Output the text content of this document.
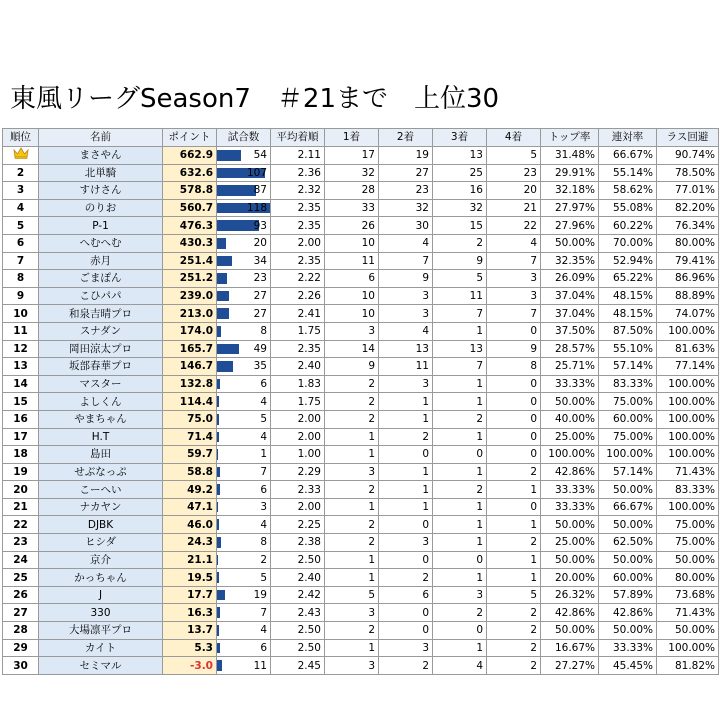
東風リーグSeason7　＃21まで　上位30
順位	名前	ポイント	試合数	平均着順	1着	2着	3着	4着	トップ率	連対率	ラス回避
	まさやん	662.9	54	2.11	17	19	13	5	31.48%	66.67%	90.74%
2	北単騎	632.6	107	2.36	32	27	25	23	29.91%	55.14%	78.50%
3	すけさん	578.8	87	2.32	28	23	16	20	32.18%	58.62%	77.01%
4	のりお	560.7	118	2.35	33	32	32	21	27.97%	55.08%	82.20%
5	P-1	476.3	93	2.35	26	30	15	22	27.96%	60.22%	76.34%
6	へむへむ	430.3	20	2.00	10	4	2	4	50.00%	70.00%	80.00%
7	赤月	251.4	34	2.35	11	7	9	7	32.35%	52.94%	79.41%
8	ごまぽん	251.2	23	2.22	6	9	5	3	26.09%	65.22%	86.96%
9	こひパパ	239.0	27	2.26	10	3	11	3	37.04%	48.15%	88.89%
10	和泉吉晴プロ	213.0	27	2.41	10	3	7	7	37.04%	48.15%	74.07%
11	スナダン	174.0	8	1.75	3	4	1	0	37.50%	87.50%	100.00%
12	岡田涼太プロ	165.7	49	2.35	14	13	13	9	28.57%	55.10%	81.63%
13	坂部春華プロ	146.7	35	2.40	9	11	7	8	25.71%	57.14%	77.14%
14	マスター	132.8	6	1.83	2	3	1	0	33.33%	83.33%	100.00%
15	よしくん	114.4	4	1.75	2	1	1	0	50.00%	75.00%	100.00%
16	やまちゃん	75.0	5	2.00	2	1	2	0	40.00%	60.00%	100.00%
17	H.T	71.4	4	2.00	1	2	1	0	25.00%	75.00%	100.00%
18	島田	59.7	1	1.00	1	0	0	0	100.00%	100.00%	100.00%
19	せぶなっぷ	58.8	7	2.29	3	1	1	2	42.86%	57.14%	71.43%
20	こーへい	49.2	6	2.33	2	1	2	1	33.33%	50.00%	83.33%
21	ナカヤン	47.1	3	2.00	1	1	1	0	33.33%	66.67%	100.00%
22	DJBK	46.0	4	2.25	2	0	1	1	50.00%	50.00%	75.00%
23	ヒシダ	24.3	8	2.38	2	3	1	2	25.00%	62.50%	75.00%
24	京介	21.1	2	2.50	1	0	0	1	50.00%	50.00%	50.00%
25	かっちゃん	19.5	5	2.40	1	2	1	1	20.00%	60.00%	80.00%
26	J	17.7	19	2.42	5	6	3	5	26.32%	57.89%	73.68%
27	330	16.3	7	2.43	3	0	2	2	42.86%	42.86%	71.43%
28	大場凛平プロ	13.7	4	2.50	2	0	0	2	50.00%	50.00%	50.00%
29	カイト	5.3	6	2.50	1	3	1	2	16.67%	33.33%	100.00%
30	セミマル	-3.0	11	2.45	3	2	4	2	27.27%	45.45%	81.82%
